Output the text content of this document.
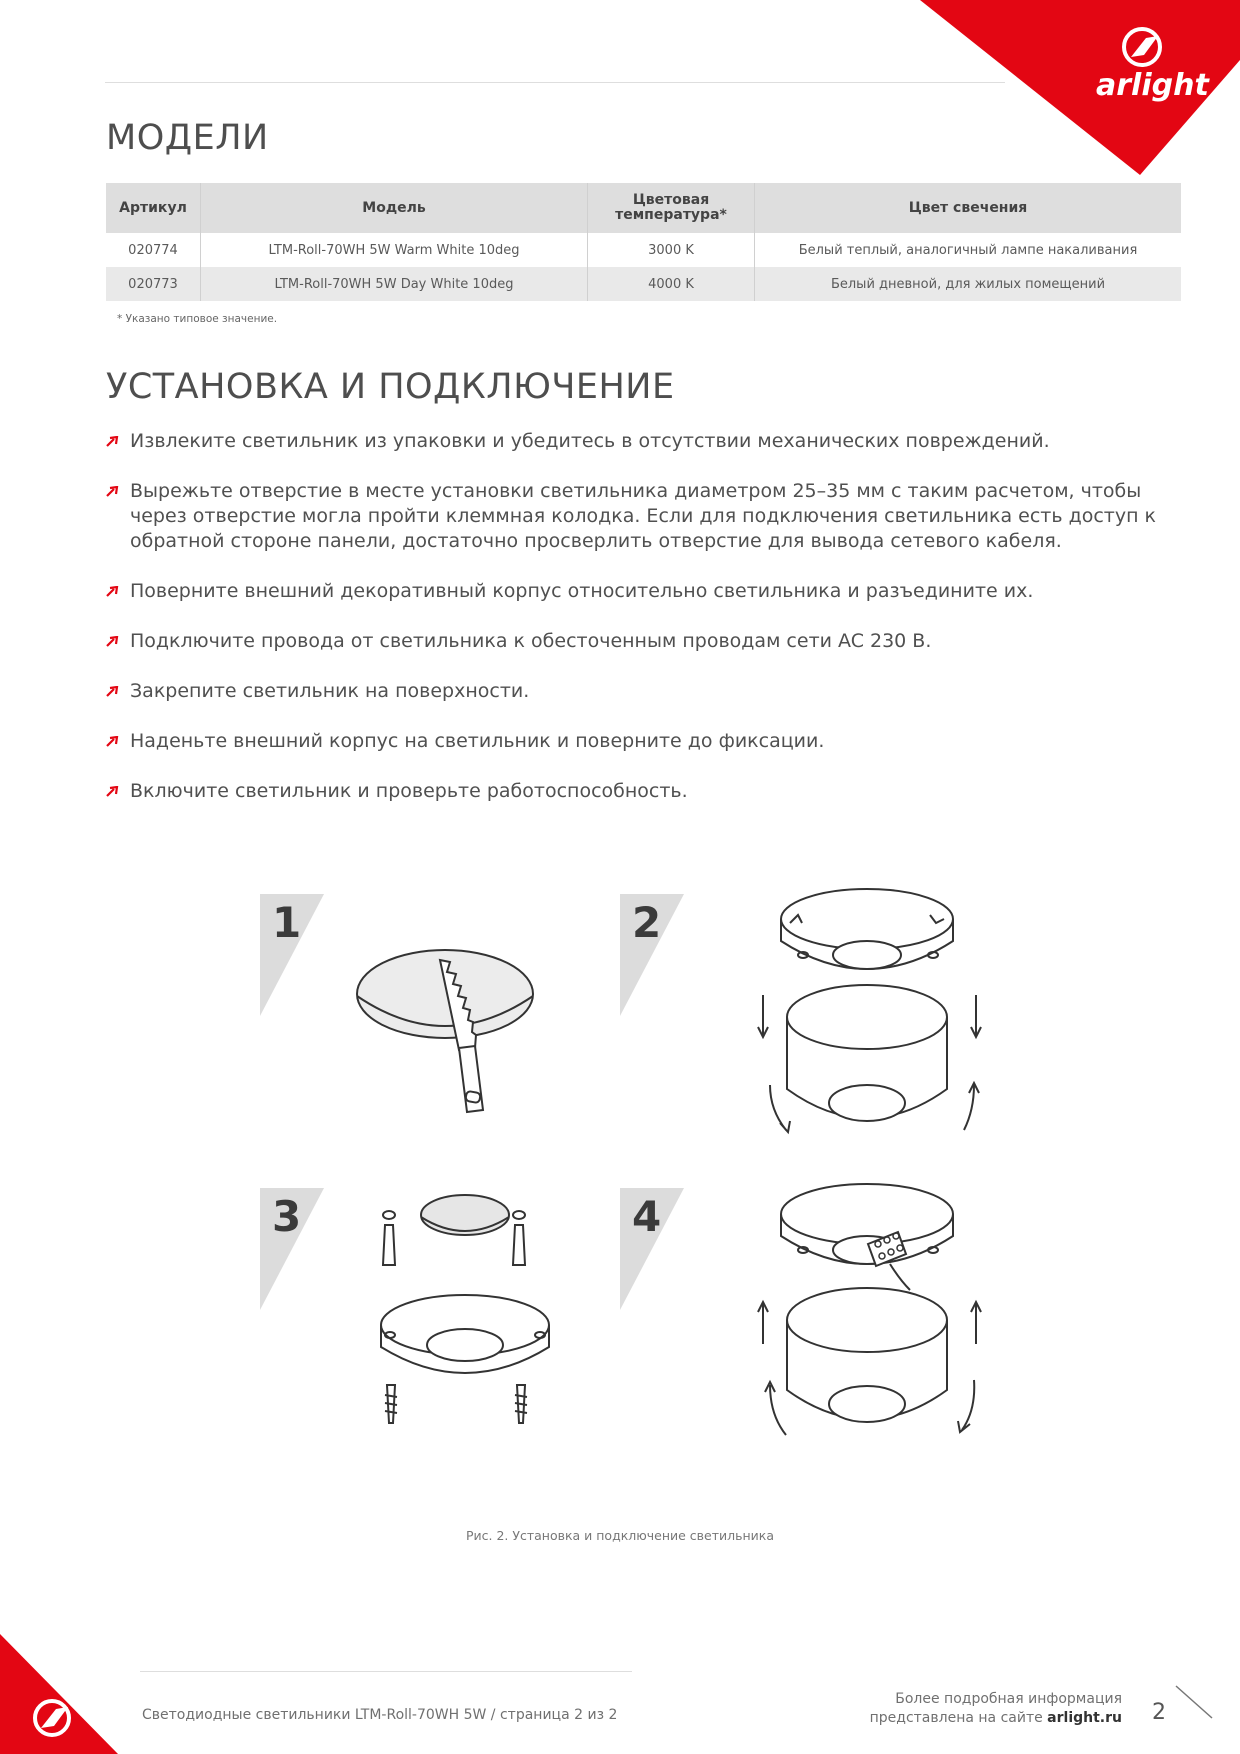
arlight
МОДЕЛИ
Артикул	Модель	Цветовая температура*	Цвет свечения
020774	LTM-Roll-70WH 5W Warm White 10deg	3000 K	Белый теплый, аналогичный лампе накаливания
020773	LTM-Roll-70WH 5W Day White 10deg	4000 K	Белый дневной, для жилых помещений
* Указано типовое значение.
УСТАНОВКА И ПОДКЛЮЧЕНИЕ
Извлеките светильник из упаковки и убедитесь в отсутствии механических повреждений.
Вырежьте отверстие в месте установки светильника диаметром 25–35 мм с таким расчетом, чтобы через отверстие могла пройти клеммная колодка. Если для подключения светильника есть доступ к обратной стороне панели, достаточно просверлить отверстие для вывода сетевого кабеля.
Поверните внешний декоративный корпус относительно светильника и разъедините их.
Подключите провода от светильника к обесточенным проводам сети AC 230 В.
Закрепите светильник на поверхности.
Наденьте внешний корпус на светильник и поверните до фиксации.
Включите светильник и проверьте работоспособность.
1	2
3	4
Рис. 2. Установка и подключение светильника
Светодиодные светильники LTM-Roll-70WH 5W / страница 2 из 2
Более подробная информация
представлена на сайте arlight.ru 2
